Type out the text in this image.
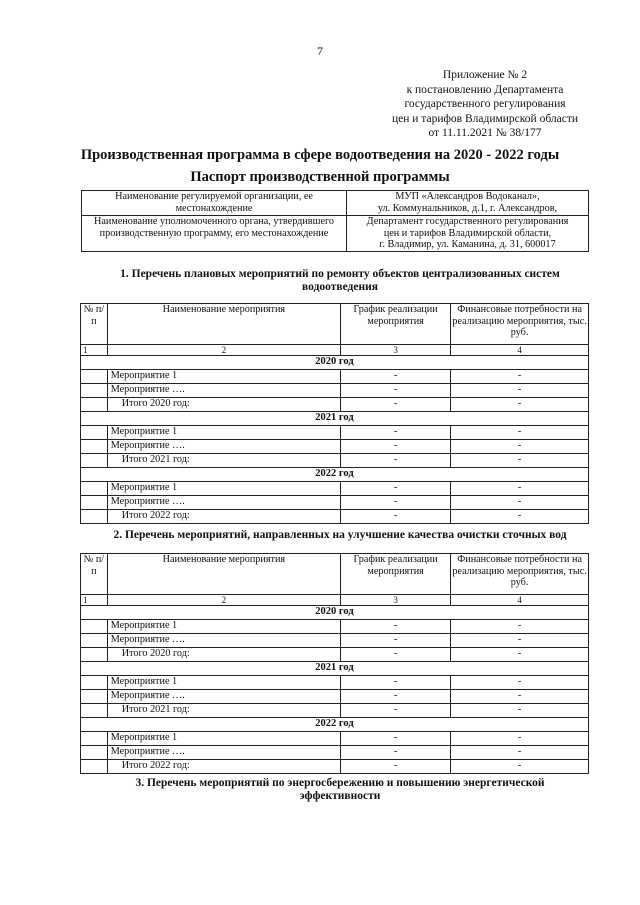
7
Приложение № 2
к постановлению Департамента
государственного регулирования
цен и тарифов Владимирской области
от 11.11.2021 № 38/177
Производственная программа в сфере водоотведения на 2020 - 2022 годы
Паспорт производственной программы
Наименование регулируемой организации, ее местонахождение	МУП «Александров Водоканал»,
ул. Коммунальников, д.1, г. Александров,

Наименование уполномоченного органа, утвердившего производственную программу, его местонахождение	Департамент государственного регулирования
цен и тарифов Владимирской области,
г. Владимир, ул. Каманина, д. 31, 600017
1. Перечень плановых мероприятий по ремонту объектов централизованных систем водоотведения
№ п/п	Наименование мероприятия	График реализации мероприятия	Финансовые потребности на реализацию мероприятия, тыс. руб.
1	2	3	4
2020 год			
	Мероприятие 1	-	-
	Мероприятие ….	-	-
	Итого 2020 год:	-	-
2021 год			
	Мероприятие 1	-	-
	Мероприятие ….	-	-
	Итого 2021 год:	-	-
2022 год			
	Мероприятие 1	-	-
	Мероприятие ….	-	-
	Итого 2022 год:	-	-
2. Перечень мероприятий, направленных на улучшение качества очистки сточных вод
№ п/п	Наименование мероприятия	График реализации мероприятия	Финансовые потребности на реализацию мероприятия, тыс. руб.
1	2	3	4
2020 год			
	Мероприятие 1	-	-
	Мероприятие ….	-	-
	Итого 2020 год:	-	-
2021 год			
	Мероприятие 1	-	-
	Мероприятие ….	-	-
	Итого 2021 год:	-	-
2022 год			
	Мероприятие 1	-	-
	Мероприятие ….	-	-
	Итого 2022 год:	-	-
3. Перечень мероприятий по энергосбережению и повышению энергетической эффективности
